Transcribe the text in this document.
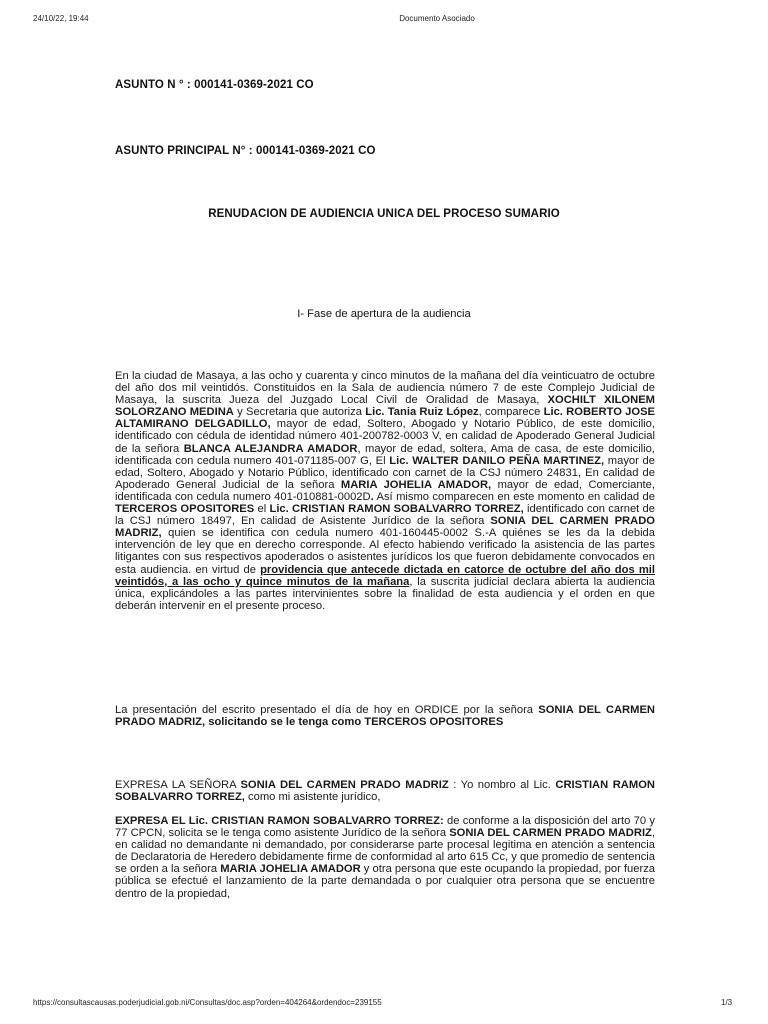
24/10/22, 19:44	Documento Asociado
ASUNTO N ° : 000141-0369-2021 CO
ASUNTO PRINCIPAL N° : 000141-0369-2021 CO
RENUDACION DE AUDIENCIA UNICA DEL PROCESO SUMARIO
I- Fase de apertura de la audiencia

En la ciudad de Masaya, a las ocho y cuarenta y cinco minutos de la mañana del día veinticuatro de octubre del año dos mil veintidós. Constituidos en la Sala de audiencia número 7 de este Complejo Judicial de Masaya, la suscrita Jueza del Juzgado Local Civil de Oralidad de Masaya, XOCHILT XILONEM SOLORZANO MEDINA y Secretaria que autoriza Lic. Tania Ruiz López, comparece Lic. ROBERTO JOSE ALTAMIRANO DELGADILLO, mayor de edad, Soltero, Abogado y Notario Público, de este domicilio, identificado con cédula de identidad número 401-200782-0003 V, en calidad de Apoderado General Judicial de la señora BLANCA ALEJANDRA AMADOR, mayor de edad, soltera, Ama de casa, de este domicilio, identificada con cedula numero 401-071185-007 G, El Lic. WALTER DANILO PEÑA MARTINEZ, mayor de edad, Soltero, Abogado y Notario Público, identificado con carnet de la CSJ número 24831, En calidad de Apoderado General Judicial de la señora MARIA JOHELIA AMADOR, mayor de edad, Comerciante, identificada con cedula numero 401-010881-0002D. Así mismo comparecen en este momento en calidad de TERCEROS OPOSITORES el Lic. CRISTIAN RAMON SOBALVARRO TORREZ, identificado con carnet de la CSJ número 18497, En calidad de Asistente Jurídico de la señora SONIA DEL CARMEN PRADO MADRIZ, quien se identifica con cedula numero 401-160445-0002 S.-A quiénes se les da la debida intervención de ley que en derecho corresponde. Al efecto habiendo verificado la asistencia de las partes litigantes con sus respectivos apoderados o asistentes jurídicos los que fueron debidamente convocados en esta audiencia. en virtud de providencia que antecede dictada en catorce de octubre del año dos mil veintidós, a las ocho y quince minutos de la mañana, la suscrita judicial declara abierta la audiencia única, explicándoles a las partes intervinientes sobre la finalidad de esta audiencia y el orden en que deberán intervenir en el presente proceso.

La presentación del escrito presentado el día de hoy en ORDICE por la señora SONIA DEL CARMEN PRADO MADRIZ, solicitando se le tenga como TERCEROS OPOSITORES

EXPRESA LA SEÑORA SONIA DEL CARMEN PRADO MADRIZ : Yo nombro al Lic. CRISTIAN RAMON SOBALVARRO TORREZ, como mi asistente jurídico,

EXPRESA EL Lic. CRISTIAN RAMON SOBALVARRO TORREZ: de conforme a la disposición del arto 70 y 77 CPCN, solicita se le tenga como asistente Jurídico de la señora SONIA DEL CARMEN PRADO MADRIZ, en calidad no demandante ni demandado, por considerarse parte procesal legitima en atención a sentencia de Declaratoria de Heredero debidamente firme de conformidad al arto 615 Cc, y que promedio de sentencia se orden a la señora MARIA JOHELIA AMADOR y otra persona que este ocupando la propiedad, por fuerza pública se efectué el lanzamiento de la parte demandada o por cualquier otra persona que se encuentre dentro de la propiedad,

https://consultascausas.poderjudicial.gob.ni/Consultas/doc.asp?orden=404264&ordendoc=239155	1/3
